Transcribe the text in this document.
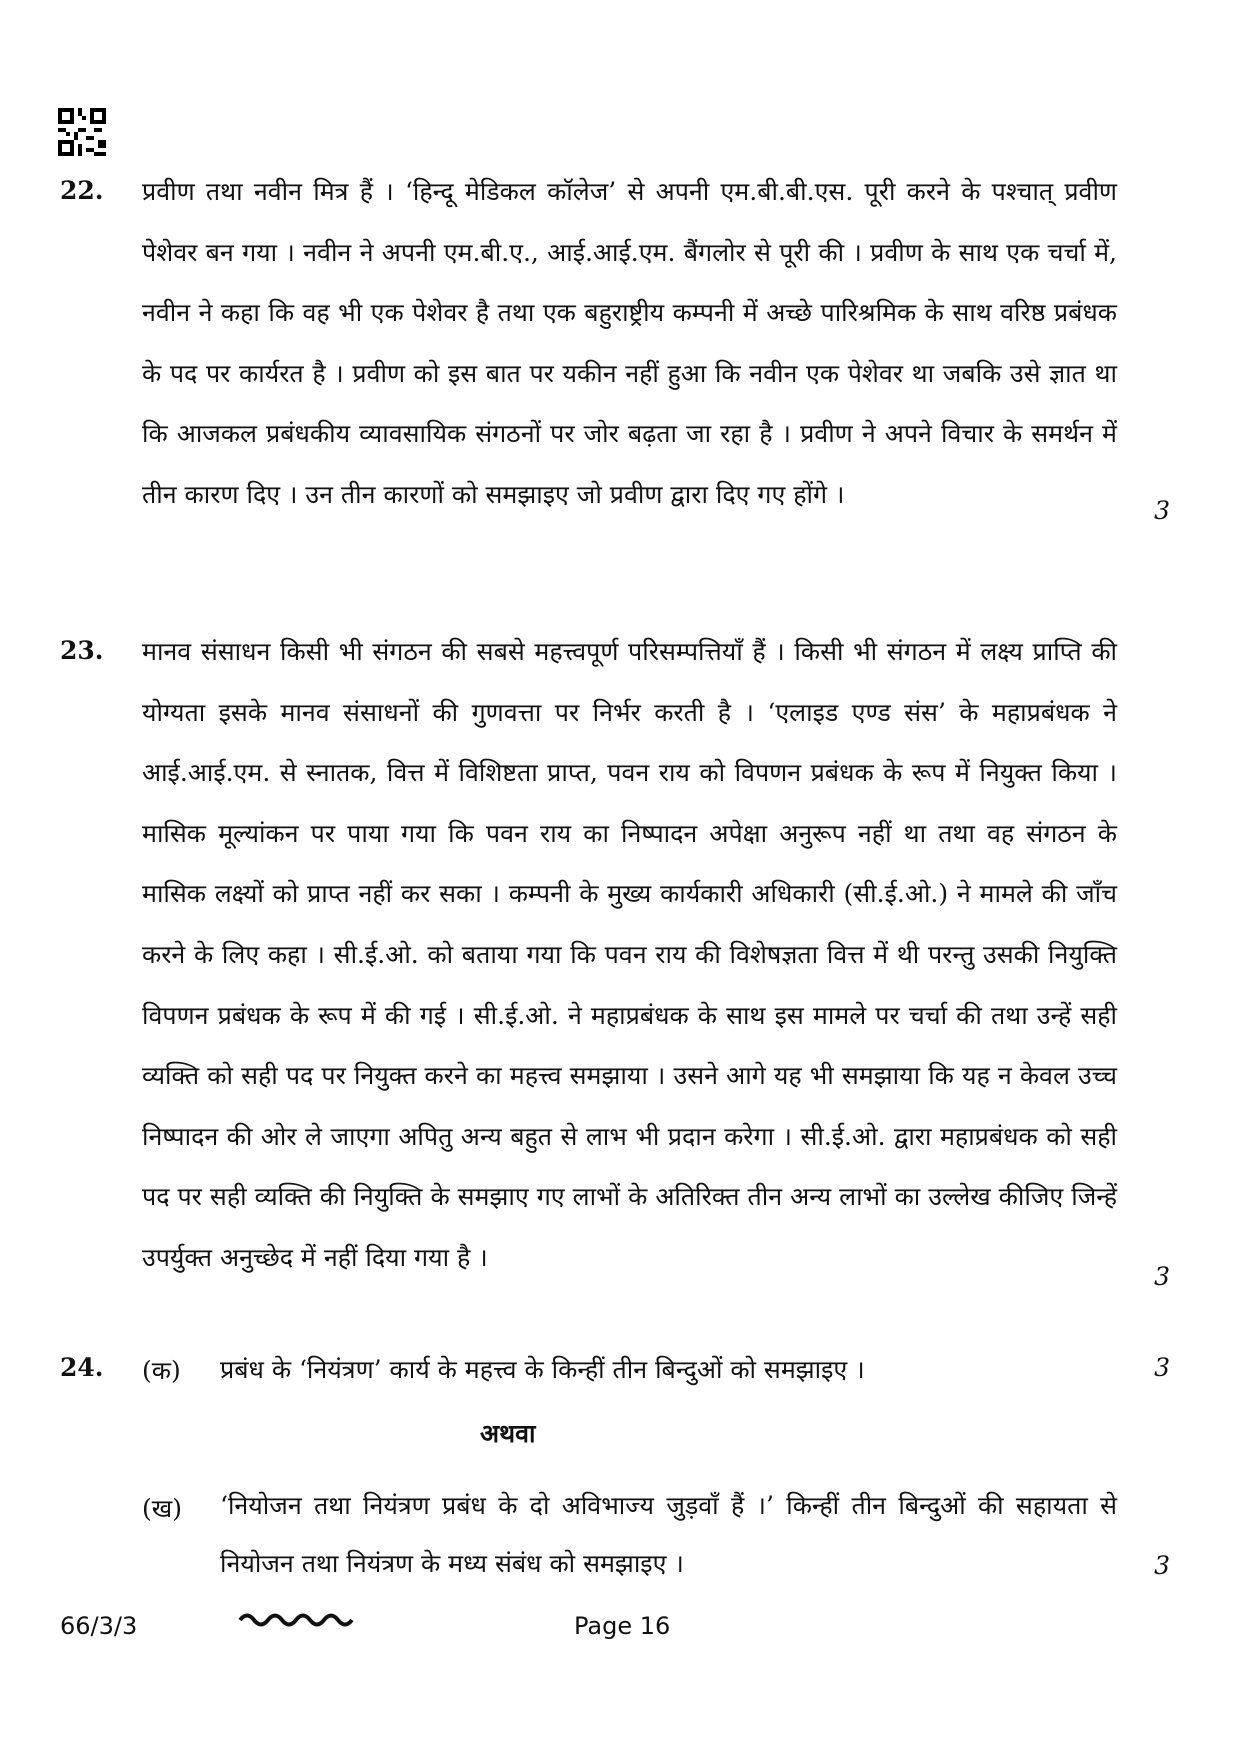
22. प्रवीण तथा नवीन मित्र हैं । ‘हिन्दू मेडिकल कॉलेज’ से अपनी एम.बी.बी.एस. पूरी करने के पश्चात् प्रवीण पेशेवर बन गया । नवीन ने अपनी एम.बी.ए., आई.आई.एम. बैंगलोर से पूरी की । प्रवीण के साथ एक चर्चा में, नवीन ने कहा कि वह भी एक पेशेवर है तथा एक बहुराष्ट्रीय कम्पनी में अच्छे पारिश्रमिक के साथ वरिष्ठ प्रबंधक के पद पर कार्यरत है । प्रवीण को इस बात पर यकीन नहीं हुआ कि नवीन एक पेशेवर था जबकि उसे ज्ञात था कि आजकल प्रबंधकीय व्यावसायिक संगठनों पर जोर बढ़ता जा रहा है । प्रवीण ने अपने विचार के समर्थन में तीन कारण दिए । उन तीन कारणों को समझाइए जो प्रवीण द्वारा दिए गए होंगे ।
3
23. मानव संसाधन किसी भी संगठन की सबसे महत्त्वपूर्ण परिसम्पत्तियाँ हैं । किसी भी संगठन में लक्ष्य प्राप्ति की योग्यता इसके मानव संसाधनों की गुणवत्ता पर निर्भर करती है । ‘एलाइड एण्ड संस’ के महाप्रबंधक ने आई.आई.एम. से स्नातक, वित्त में विशिष्टता प्राप्त, पवन राय को विपणन प्रबंधक के रूप में नियुक्त किया । मासिक मूल्यांकन पर पाया गया कि पवन राय का निष्पादन अपेक्षा अनुरूप नहीं था तथा वह संगठन के मासिक लक्ष्यों को प्राप्त नहीं कर सका । कम्पनी के मुख्य कार्यकारी अधिकारी (सी.ई.ओ.) ने मामले की जाँच करने के लिए कहा । सी.ई.ओ. को बताया गया कि पवन राय की विशेषज्ञता वित्त में थी परन्तु उसकी नियुक्ति विपणन प्रबंधक के रूप में की गई । सी.ई.ओ. ने महाप्रबंधक के साथ इस मामले पर चर्चा की तथा उन्हें सही व्यक्ति को सही पद पर नियुक्त करने का महत्त्व समझाया । उसने आगे यह भी समझाया कि यह न केवल उच्च निष्पादन की ओर ले जाएगा अपितु अन्य बहुत से लाभ भी प्रदान करेगा । सी.ई.ओ. द्वारा महाप्रबंधक को सही पद पर सही व्यक्ति की नियुक्ति के समझाए गए लाभों के अतिरिक्त तीन अन्य लाभों का उल्लेख कीजिए जिन्हें उपर्युक्त अनुच्छेद में नहीं दिया गया है ।
3
24. (क) प्रबंध के ‘नियंत्रण’ कार्य के महत्त्व के किन्हीं तीन बिन्दुओं को समझाइए ।	3
अथवा
(ख) ‘नियोजन तथा नियंत्रण प्रबंध के दो अविभाज्य जुड़वाँ हैं ।’ किन्हीं तीन बिन्दुओं की सहायता से नियोजन तथा नियंत्रण के मध्य संबंध को समझाइए ।	3
66/3/3	Page 16
